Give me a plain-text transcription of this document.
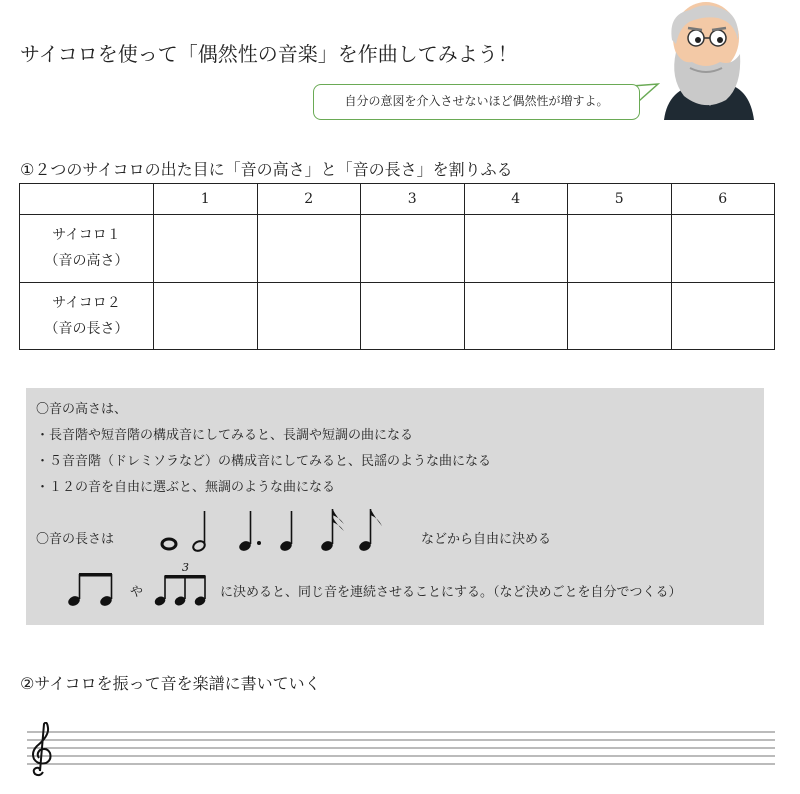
サイコロを使って「偶然性の音楽」を作曲してみよう！
自分の意図を介入させないほど偶然性が増すよ。
①２つのサイコロの出た目に「音の高さ」と「音の長さ」を割りふる
	1	2	3	4	5	6

サイコロ１
（音の高さ）						

サイコロ２
（音の長さ）						

〇音の高さは、
・長音階や短音階の構成音にしてみると、長調や短調の曲になる
・５音音階（ドレミソラなど）の構成音にしてみると、民謡のような曲になる
・１２の音を自由に選ぶと、無調のような曲になる
〇音の長さは	などから自由に決める
や	に決めると、同じ音を連続させることにする。（など決めごとを自分でつくる）
3
②サイコロを振って音を楽譜に書いていく
